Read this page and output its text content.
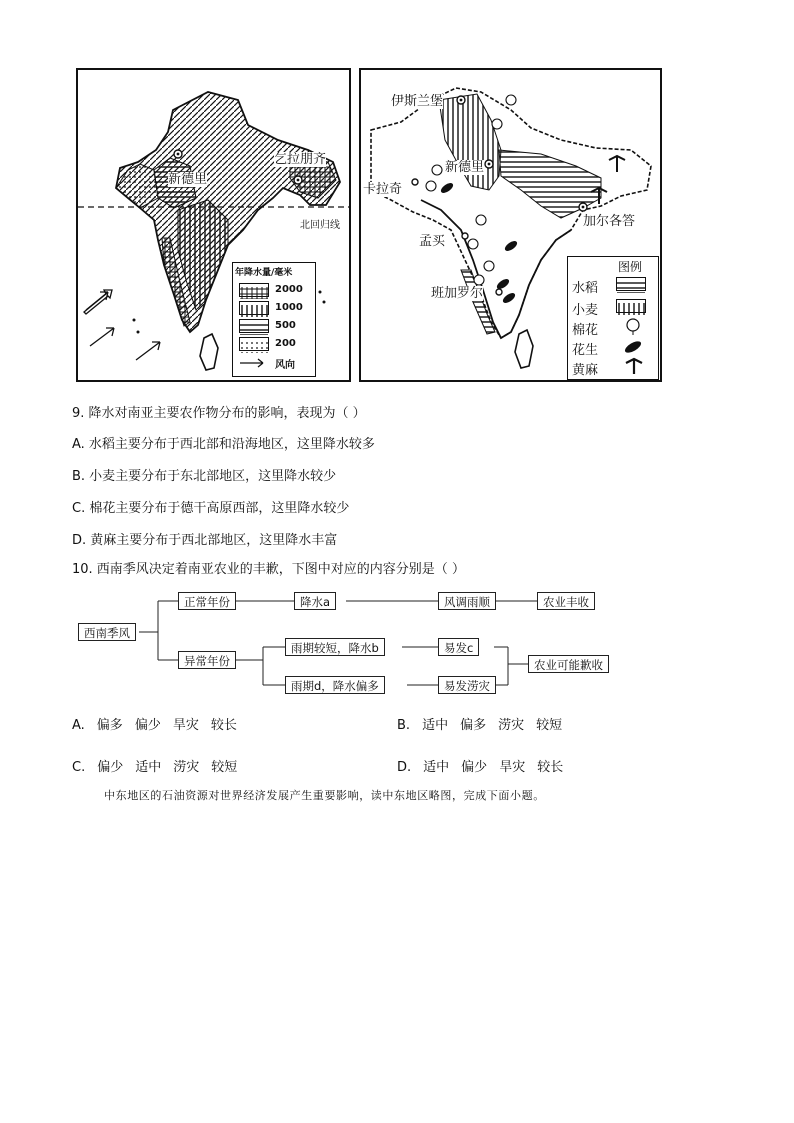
新德里
乞拉朋齐
北回归线
年降水量/毫米
2000
1000
500
200
风向
伊斯兰堡
新德里
卡拉奇
加尔各答
孟买
班加罗尔
图例
水稻
小麦
棉花
花生
黄麻
9. 降水对南亚主要农作物分布的影响，表现为（ ）
A. 水稻主要分布于西北部和沿海地区，这里降水较多
B. 小麦主要分布于东北部地区，这里降水较少
C. 棉花主要分布于德干高原西部，这里降水较少
D. 黄麻主要分布于西北部地区，这里降水丰富
10. 西南季风决定着南亚农业的丰歉，下图中对应的内容分别是（ ）
西南季风
正常年份
异常年份
降水a	风调雨顺	农业丰收
雨期较短，降水b	易发c
雨期d，降水偏多	易发涝灾
农业可能歉收
A. 偏多 偏少 旱灾 较长	B. 适中 偏多 涝灾 较短
C. 偏少 适中 涝灾 较短	D. 适中 偏少 旱灾 较长
中东地区的石油资源对世界经济发展产生重要影响，读中东地区略图，完成下面小题。
